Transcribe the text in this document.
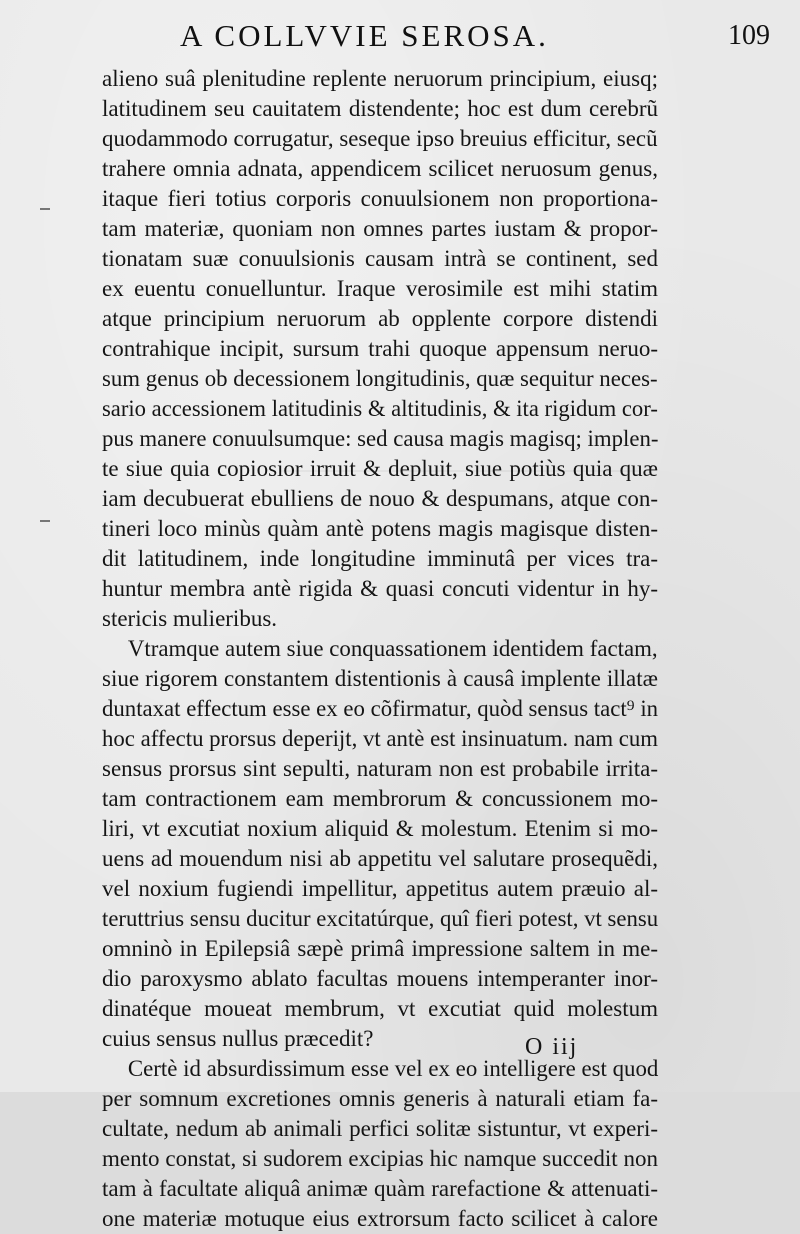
A COLLVVIE SEROSA.	109
alieno suâ plenitudine replente neruorum principium, eiusq;
latitudinem seu cauitatem distendente; hoc est dum cerebrũ
quodammodo corrugatur, seseque ipso breuius efficitur, secũ
trahere omnia adnata, appendicem scilicet neruosum genus,
itaque fieri totius corporis conuulsionem non proportiona-
tam materiæ, quoniam non omnes partes iustam & propor-
tionatam suæ conuulsionis causam intrà se continent, sed
ex euentu conuelluntur. Iraque verosimile est mihi statim
atque principium neruorum ab opplente corpore distendi
contrahique incipit, sursum trahi quoque appensum neruo-
sum genus ob decessionem longitudinis, quæ sequitur neces-
sario accessionem latitudinis & altitudinis, & ita rigidum cor-
pus manere conuulsumque: sed causa magis magisq; implen-
te siue quia copiosior irruit & depluit, siue potiùs quia quæ
iam decubuerat ebulliens de nouo & despumans, atque con-
tineri loco minùs quàm antè potens magis magisque disten-
dit latitudinem, inde longitudine imminutâ per vices tra-
huntur membra antè rigida & quasi concuti videntur in hy-
stericis mulieribus.
Vtramque autem siue conquassationem identidem factam,
siue rigorem constantem distentionis à causâ implente illatæ
duntaxat effectum esse ex eo cõfirmatur, quòd sensus tact⁹ in
hoc affectu prorsus deperijt, vt antè est insinuatum. nam cum
sensus prorsus sint sepulti, naturam non est probabile irrita-
tam contractionem eam membrorum & concussionem mo-
liri, vt excutiat noxium aliquid & molestum. Etenim si mo-
uens ad mouendum nisi ab appetitu vel salutare prosequẽdi,
vel noxium fugiendi impellitur, appetitus autem præuio al-
teruttrius sensu ducitur excitatúrque, quî fieri potest, vt sensu
omninò in Epilepsiâ sæpè primâ impressione saltem in me-
dio paroxysmo ablato facultas mouens intemperanter inor-
dinatéque moueat membrum, vt excutiat quid molestum
cuius sensus nullus præcedit?
Certè id absurdissimum esse vel ex eo intelligere est quod
per somnum excretiones omnis generis à naturali etiam fa-
cultate, nedum ab animali perfici solitæ sistuntur, vt experi-
mento constat, si sudorem excipias hic namque succedit non
tam à facultate aliquâ animæ quàm rarefactione & attenuati-
one materiæ motuque eius extrorsum facto scilicet à calore
O iij
